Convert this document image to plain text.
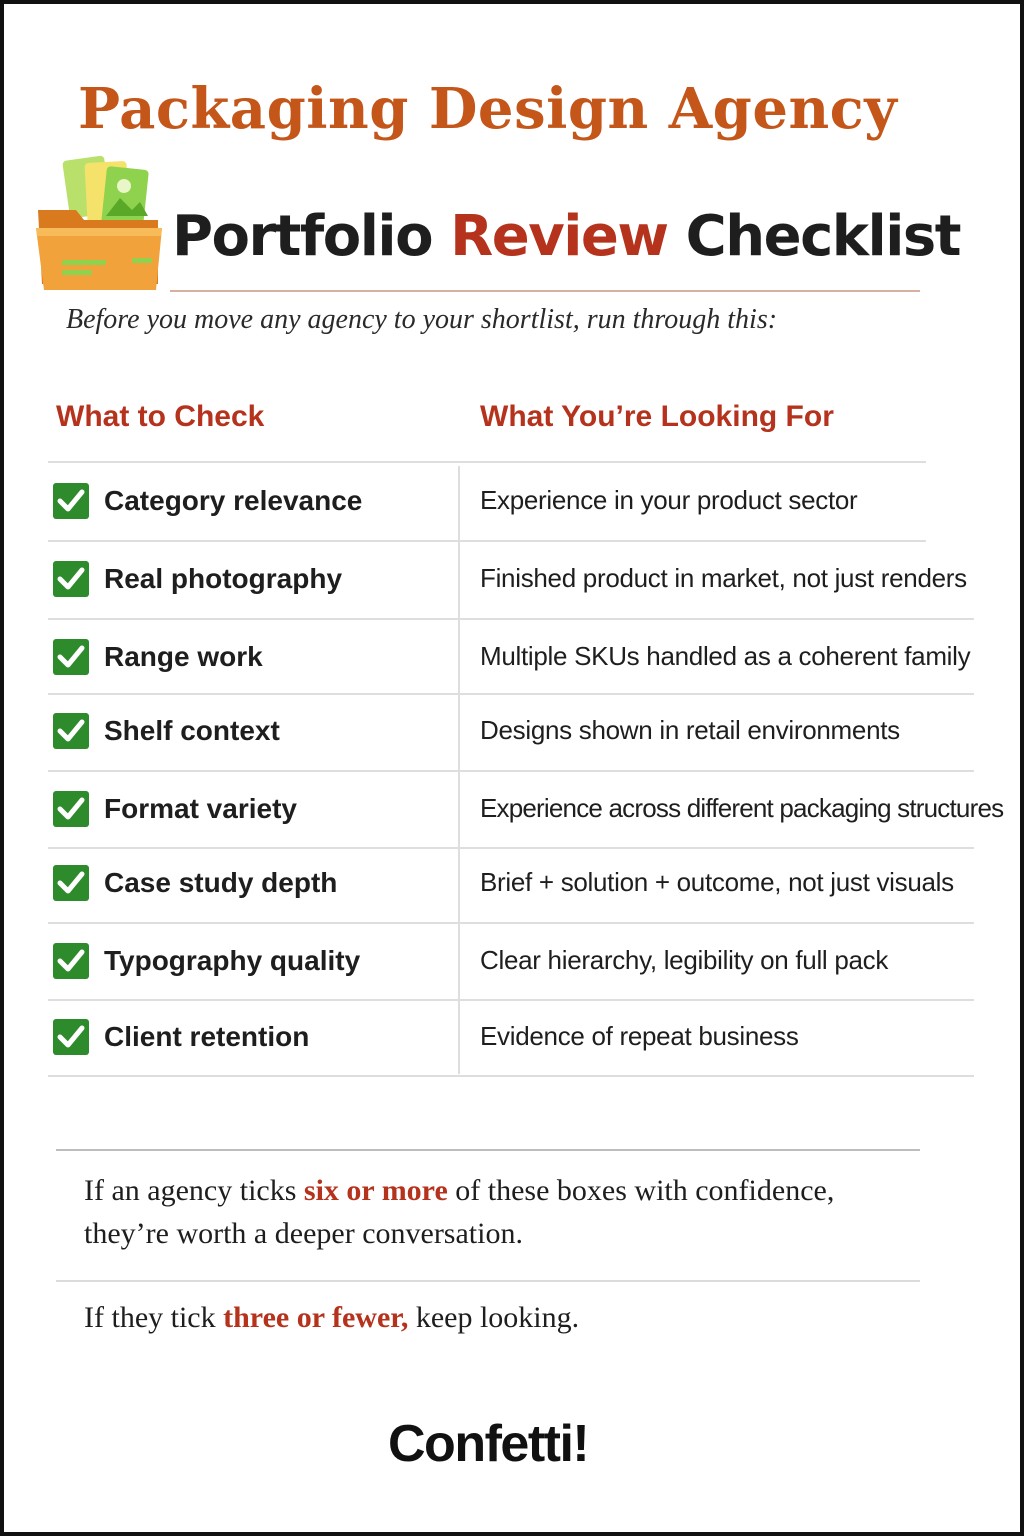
Packaging Design Agency
Portfolio Review Checklist
Before you move any agency to your shortlist, run through this:
What to Check	What You’re Looking For
Category relevance	Experience in your product sector
Real photography	Finished product in market, not just renders
Range work	Multiple SKUs handled as a coherent family
Shelf context	Designs shown in retail environments
Format variety	Experience across different packaging structures
Case study depth	Brief + solution + outcome, not just visuals
Typography quality	Clear hierarchy, legibility on full pack
Client retention	Evidence of repeat business
If an agency ticks six or more of these boxes with confidence,
they’re worth a deeper conversation.
If they tick three or fewer, keep looking.
Confetti!
